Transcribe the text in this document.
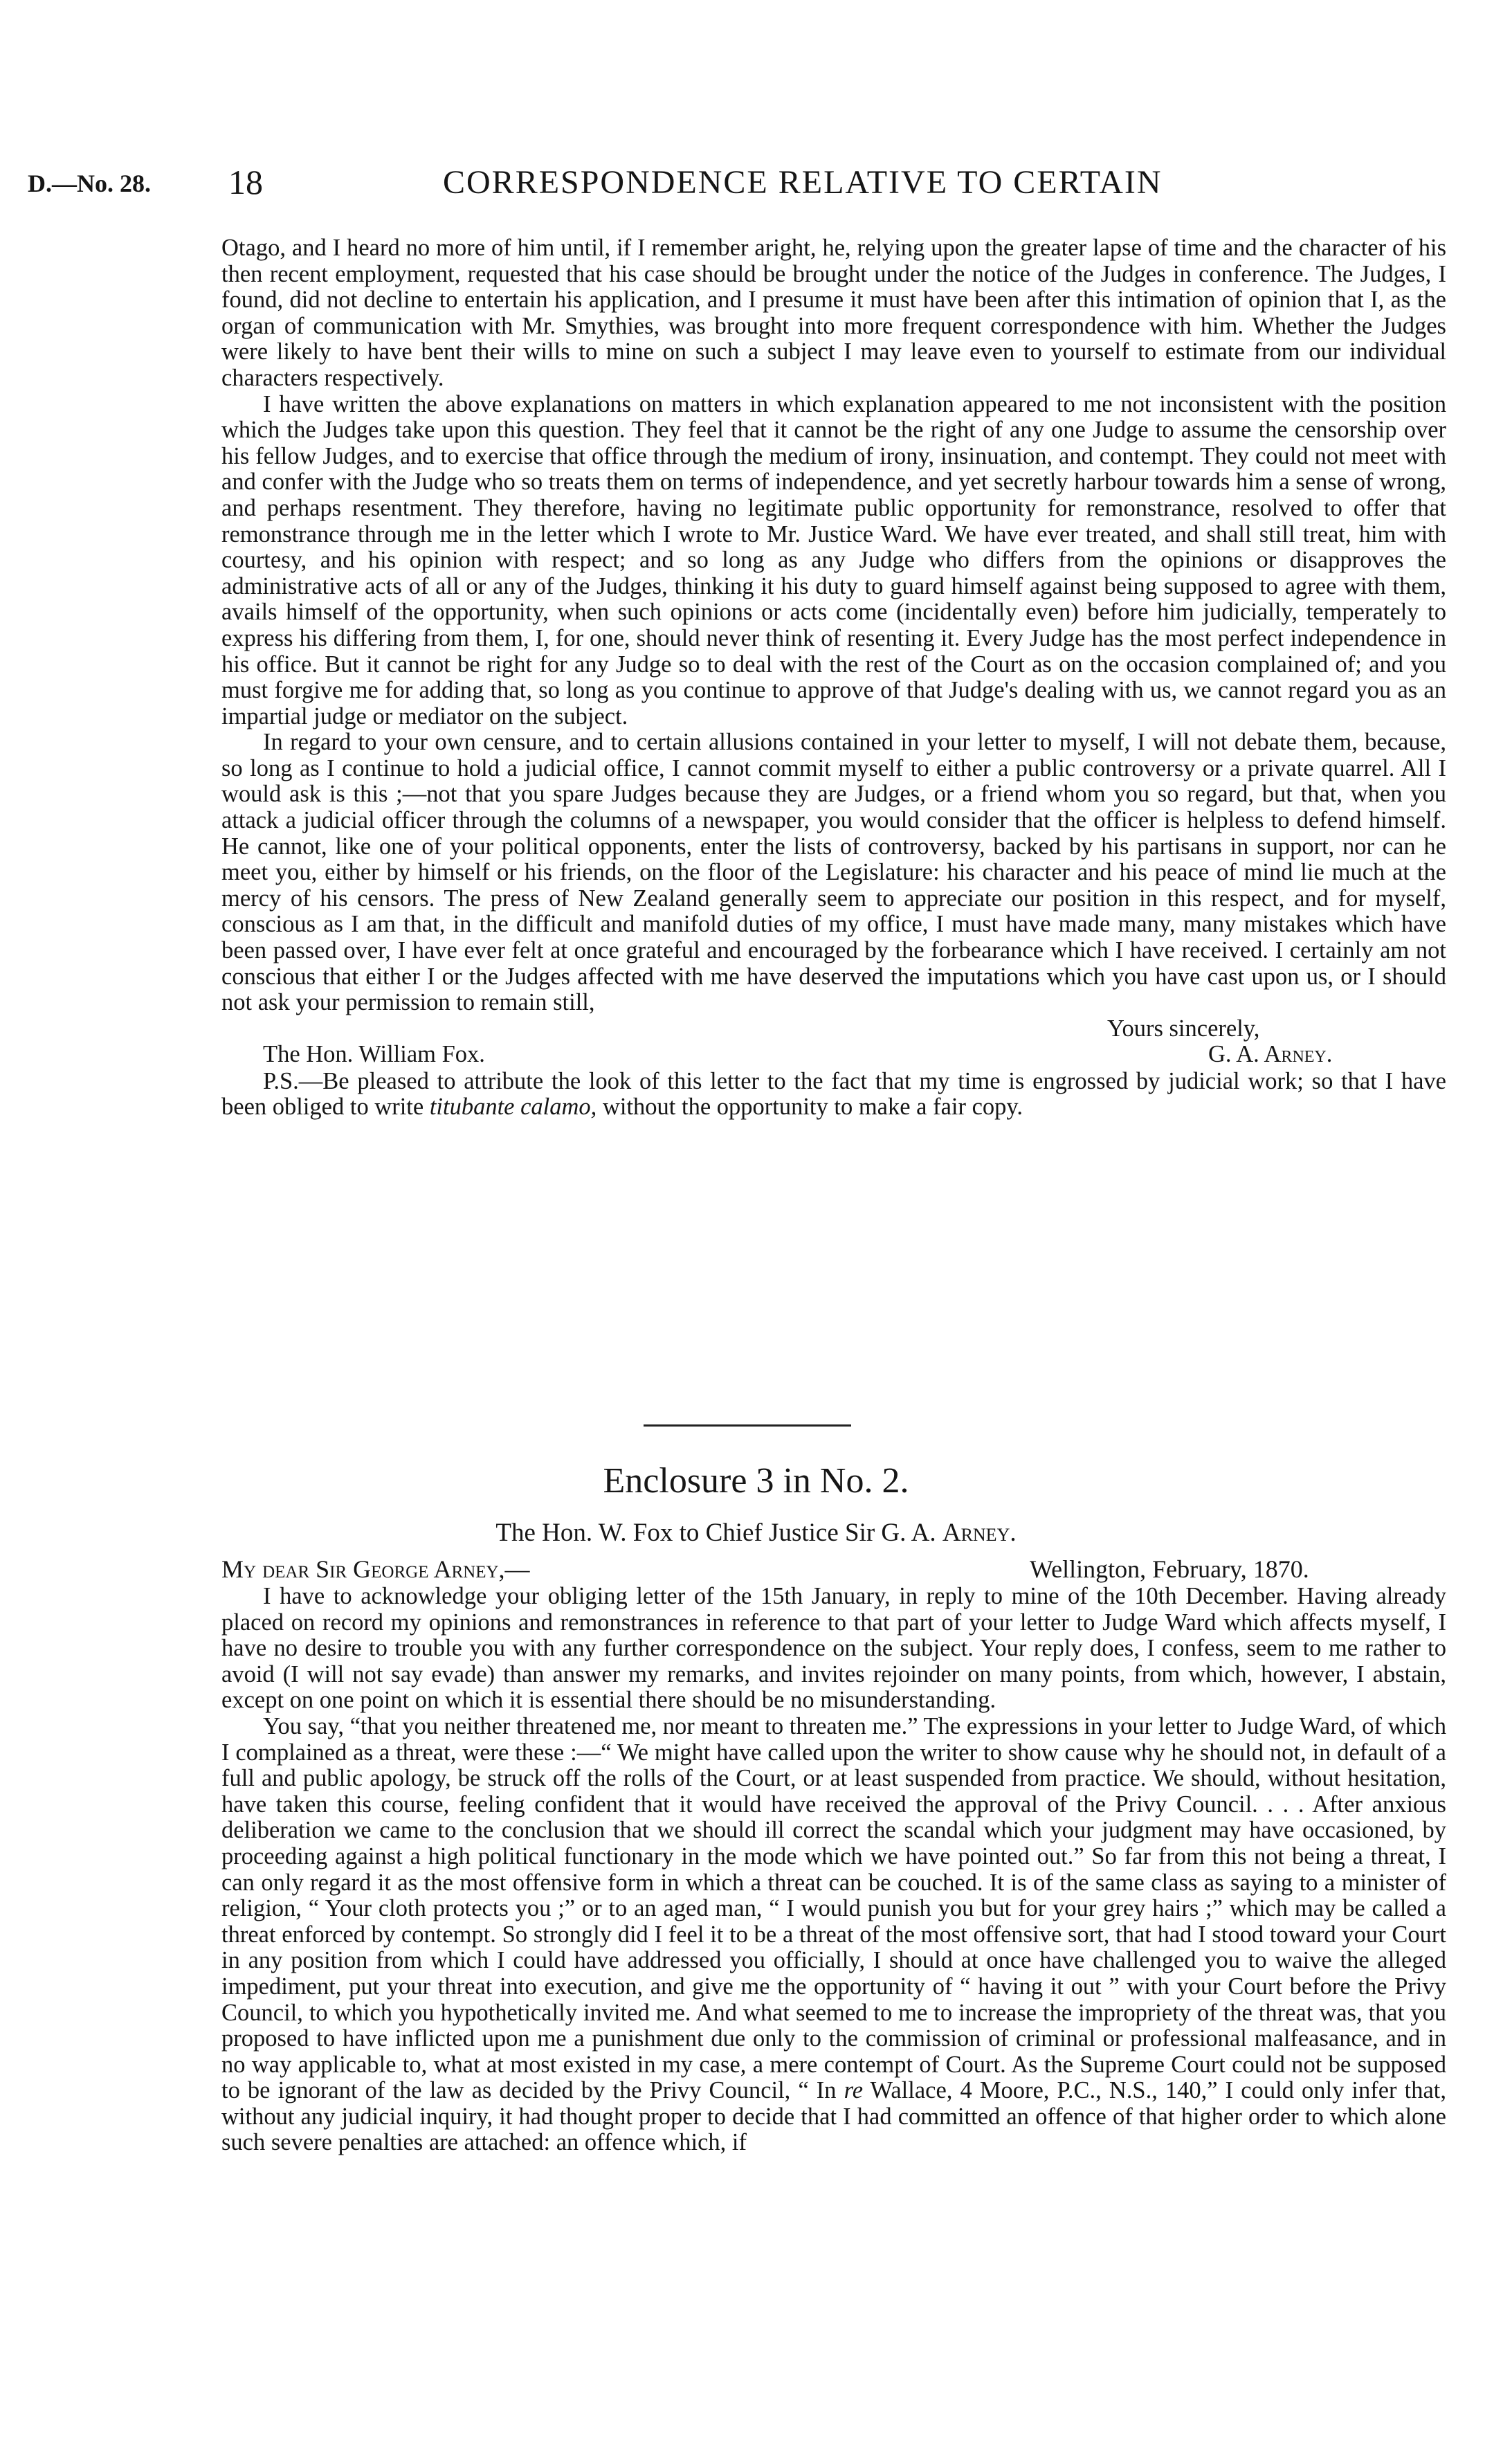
D.—No. 28. 18	CORRESPONDENCE RELATIVE TO CERTAIN

Otago, and I heard no more of him until, if I remember aright, he, relying upon the greater lapse of time and the character of his then recent employment, requested that his case should be brought under the notice of the Judges in conference. The Judges, I found, did not decline to entertain his application, and I presume it must have been after this intimation of opinion that I, as the organ of communication with Mr. Smythies, was brought into more frequent correspondence with him. Whether the Judges were likely to have bent their wills to mine on such a subject I may leave even to yourself to estimate from our individual characters respectively.

I have written the above explanations on matters in which explanation appeared to me not inconsistent with the position which the Judges take upon this question. They feel that it cannot be the right of any one Judge to assume the censorship over his fellow Judges, and to exercise that office through the medium of irony, insinuation, and contempt. They could not meet with and confer with the Judge who so treats them on terms of independence, and yet secretly harbour towards him a sense of wrong, and perhaps resentment. They therefore, having no legitimate public opportunity for remonstrance, resolved to offer that remonstrance through me in the letter which I wrote to Mr. Justice Ward. We have ever treated, and shall still treat, him with courtesy, and his opinion with respect; and so long as any Judge who differs from the opinions or disapproves the administrative acts of all or any of the Judges, thinking it his duty to guard himself against being supposed to agree with them, avails himself of the opportunity, when such opinions or acts come (incidentally even) before him judicially, temperately to express his differing from them, I, for one, should never think of resenting it. Every Judge has the most perfect independence in his office. But it cannot be right for any Judge so to deal with the rest of the Court as on the occasion complained of; and you must forgive me for adding that, so long as you continue to approve of that Judge's dealing with us, we cannot regard you as an impartial judge or mediator on the subject.

In regard to your own censure, and to certain allusions contained in your letter to myself, I will not debate them, because, so long as I continue to hold a judicial office, I cannot commit myself to either a public controversy or a private quarrel. All I would ask is this ;—not that you spare Judges because they are Judges, or a friend whom you so regard, but that, when you attack a judicial officer through the columns of a newspaper, you would consider that the officer is helpless to defend himself. He cannot, like one of your political opponents, enter the lists of controversy, backed by his partisans in support, nor can he meet you, either by himself or his friends, on the floor of the Legislature: his character and his peace of mind lie much at the mercy of his censors. The press of New Zealand generally seem to appreciate our position in this respect, and for myself, conscious as I am that, in the difficult and manifold duties of my office, I must have made many, many mistakes which have been passed over, I have ever felt at once grateful and encouraged by the forbearance which I have received. I certainly am not conscious that either I or the Judges affected with me have deserved the imputations which you have cast upon us, or I should not ask your permission to remain still,

Yours sincerely,
The Hon. William Fox.	G. A. Arney.

P.S.—Be pleased to attribute the look of this letter to the fact that my time is engrossed by judicial work; so that I have been obliged to write titubante calamo, without the opportunity to make a fair copy.

Enclosure 3 in No. 2.
The Hon. W. Fox to Chief Justice Sir G. A. Arney.
My dear Sir George Arney,—	Wellington, February, 1870.

I have to acknowledge your obliging letter of the 15th January, in reply to mine of the 10th December. Having already placed on record my opinions and remonstrances in reference to that part of your letter to Judge Ward which affects myself, I have no desire to trouble you with any further correspondence on the subject. Your reply does, I confess, seem to me rather to avoid (I will not say evade) than answer my remarks, and invites rejoinder on many points, from which, however, I abstain, except on one point on which it is essential there should be no misunderstanding.

You say, “that you neither threatened me, nor meant to threaten me.” The expressions in your letter to Judge Ward, of which I complained as a threat, were these :—“ We might have called upon the writer to show cause why he should not, in default of a full and public apology, be struck off the rolls of the Court, or at least suspended from practice. We should, without hesitation, have taken this course, feeling confident that it would have received the approval of the Privy Council. . . . After anxious deliberation we came to the conclusion that we should ill correct the scandal which your judgment may have occasioned, by proceeding against a high political functionary in the mode which we have pointed out.” So far from this not being a threat, I can only regard it as the most offensive form in which a threat can be couched. It is of the same class as saying to a minister of religion, “ Your cloth protects you ;” or to an aged man, “ I would punish you but for your grey hairs ;” which may be called a threat enforced by contempt. So strongly did I feel it to be a threat of the most offensive sort, that had I stood toward your Court in any position from which I could have addressed you officially, I should at once have challenged you to waive the alleged impediment, put your threat into execution, and give me the opportunity of “ having it out ” with your Court before the Privy Council, to which you hypothetically invited me. And what seemed to me to increase the impropriety of the threat was, that you proposed to have inflicted upon me a punishment due only to the commission of criminal or professional malfeasance, and in no way applicable to, what at most existed in my case, a mere contempt of Court. As the Supreme Court could not be supposed to be ignorant of the law as decided by the Privy Council, “ In re Wallace, 4 Moore, P.C., N.S., 140,” I could only infer that, without any judicial inquiry, it had thought proper to decide that I had committed an offence of that higher order to which alone such severe penalties are attached: an offence which, if
